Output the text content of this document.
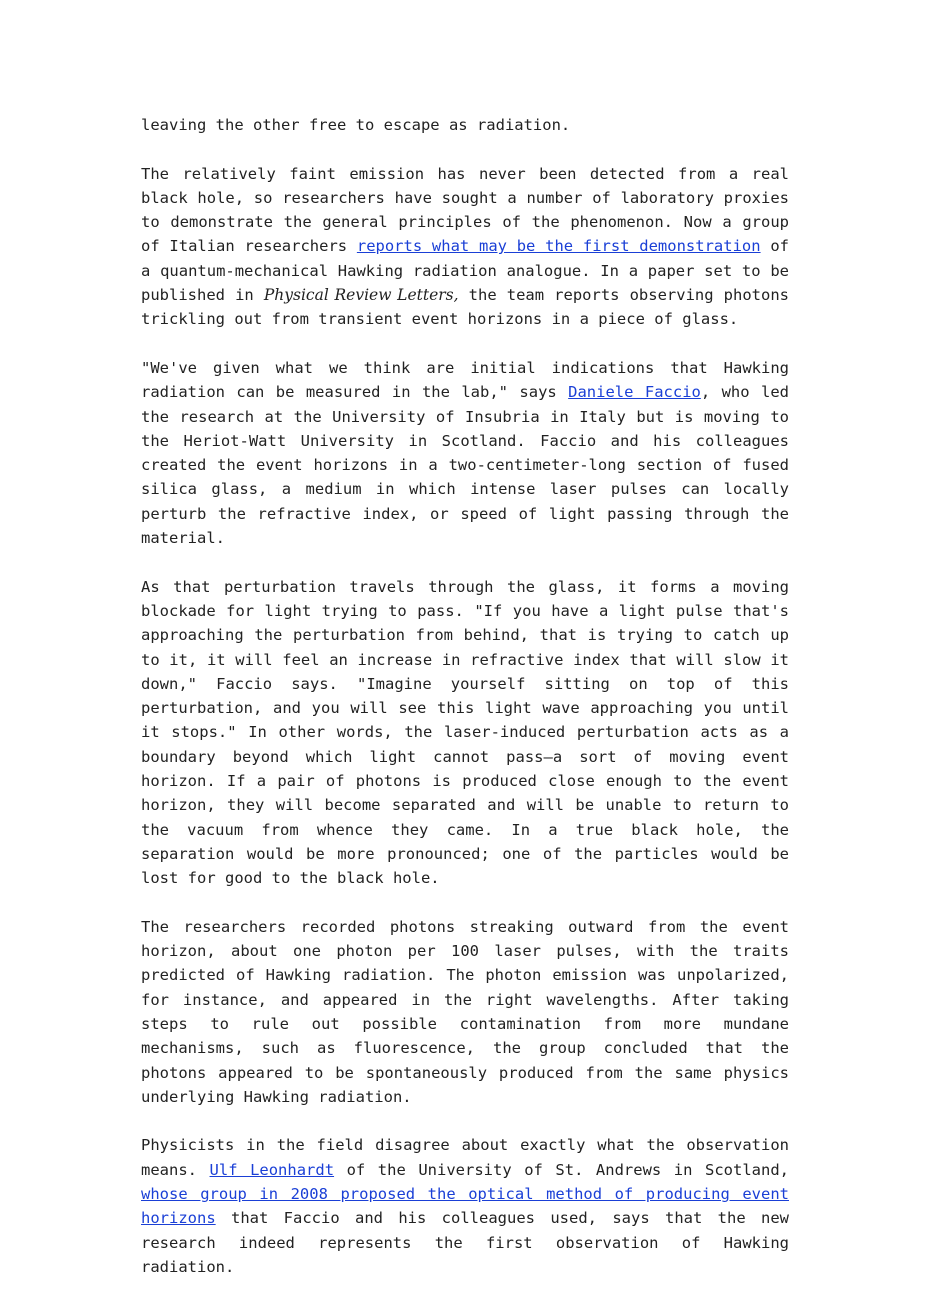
leaving the other free to escape as radiation.

The relatively faint emission has never been detected from a real black hole, so researchers have sought a number of laboratory proxies to demonstrate the general principles of the phenomenon. Now a group of Italian researchers reports what may be the first demonstration of a quantum-mechanical Hawking radiation analogue. In a paper set to be published in Physical Review Letters, the team reports observing photons trickling out from transient event horizons in a piece of glass.

"We've given what we think are initial indications that Hawking radiation can be measured in the lab," says Daniele Faccio, who led the research at the University of Insubria in Italy but is moving to the Heriot-Watt University in Scotland. Faccio and his colleagues created the event horizons in a two-centimeter-long section of fused silica glass, a medium in which intense laser pulses can locally perturb the refractive index, or speed of light passing through the material.

As that perturbation travels through the glass, it forms a moving blockade for light trying to pass. "If you have a light pulse that's approaching the perturbation from behind, that is trying to catch up to it, it will feel an increase in refractive index that will slow it down," Faccio says. "Imagine yourself sitting on top of this perturbation, and you will see this light wave approaching you until it stops." In other words, the laser-induced perturbation acts as a boundary beyond which light cannot pass—a sort of moving event horizon. If a pair of photons is produced close enough to the event horizon, they will become separated and will be unable to return to the vacuum from whence they came. In a true black hole, the separation would be more pronounced; one of the particles would be lost for good to the black hole.

The researchers recorded photons streaking outward from the event horizon, about one photon per 100 laser pulses, with the traits predicted of Hawking radiation. The photon emission was unpolarized, for instance, and appeared in the right wavelengths. After taking steps to rule out possible contamination from more mundane mechanisms, such as fluorescence, the group concluded that the photons appeared to be spontaneously produced from the same physics underlying Hawking radiation.

Physicists in the field disagree about exactly what the observation means. Ulf Leonhardt of the University of St. Andrews in Scotland, whose group in 2008 proposed the optical method of producing event horizons that Faccio and his colleagues used, says that the new research indeed represents the first observation of Hawking radiation.
